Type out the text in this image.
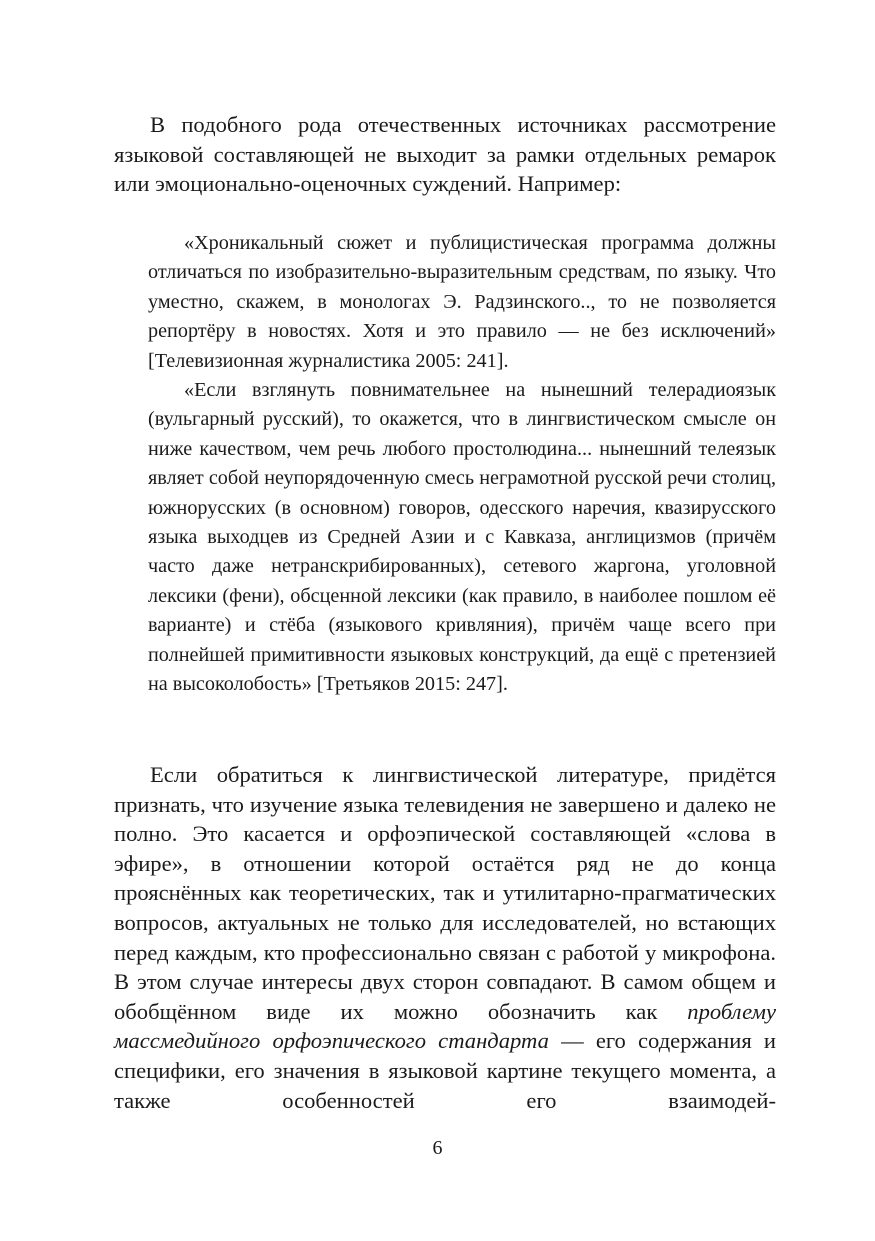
В подобного рода отечественных источниках рассмотрение языковой составляющей не выходит за рамки отдельных ремарок или эмоционально-оценочных суждений. Например:

«Хроникальный сюжет и публицистическая программа должны отличаться по изобразительно-выразительным средствам, по языку. Что уместно, скажем, в монологах Э. Радзинского.., то не позволяется репортёру в новостях. Хотя и это правило — не без исключений» [Телевизионная журналистика 2005: 241].

«Если взглянуть повнимательнее на нынешний телерадиоязык (вульгарный русский), то окажется, что в лингвистическом смысле он ниже качеством, чем речь любого простолюдина... нынешний телеязык являет собой неупорядоченную смесь неграмотной русской речи столиц, южнорусских (в основном) говоров, одесского наречия, квазирусского языка выходцев из Средней Азии и с Кавказа, англицизмов (причём часто даже нетранскрибированных), сетевого жаргона, уголовной лексики (фени), обсценной лексики (как правило, в наиболее пошлом её варианте) и стёба (языкового кривляния), причём чаще всего при полнейшей примитивности языковых конструкций, да ещё с претензией на высоколобость» [Третьяков 2015: 247].

Если обратиться к лингвистической литературе, придётся признать, что изучение языка телевидения не завершено и далеко не полно. Это касается и орфоэпической составляющей «слова в эфире», в отношении которой остаётся ряд не до конца прояснённых как теоретических, так и утилитарно-прагматических вопросов, актуальных не только для исследователей, но встающих перед каждым, кто профессионально связан с работой у микрофона. В этом случае интересы двух сторон совпадают. В самом общем и обобщённом виде их можно обозначить как проблему массмедийного орфоэпического стандарта — его содержания и специфики, его значения в языковой картине текущего момента, а также особенностей его взаимодей-

6
